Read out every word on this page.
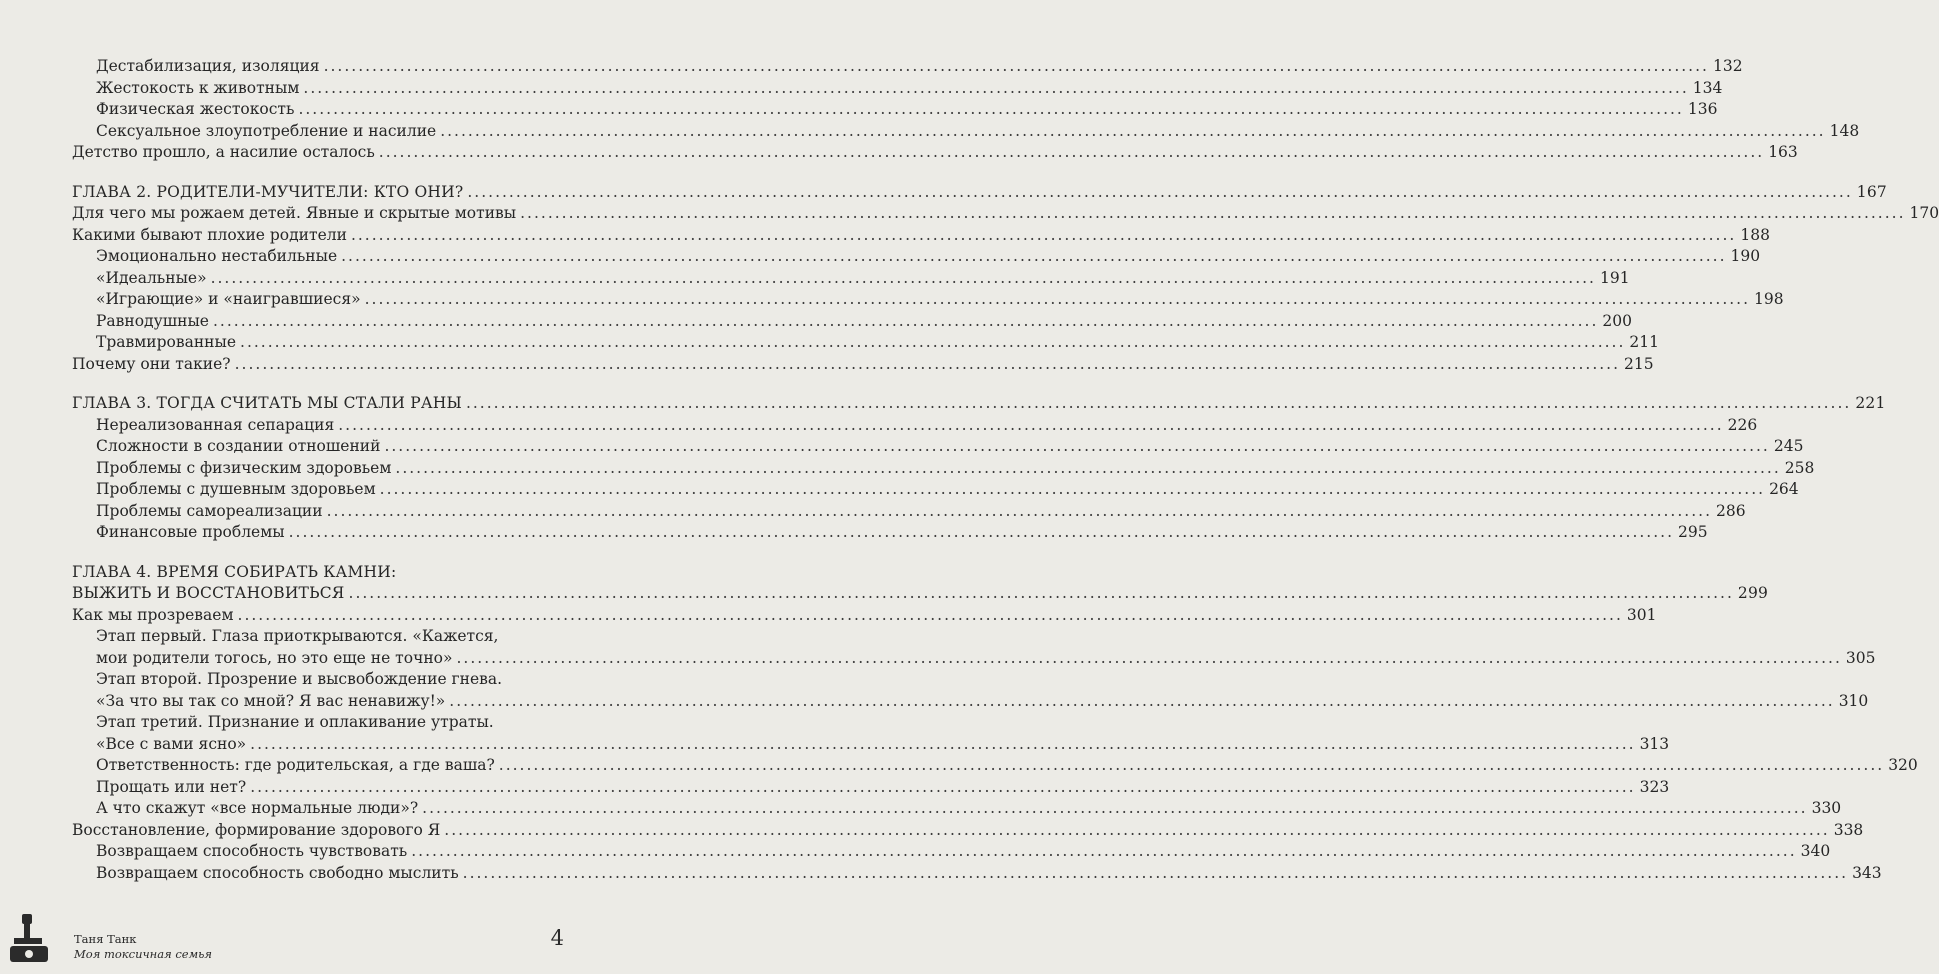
Дестабилизация, изоляция ........................................................................................................................................................................................................ 132
Жестокость к животным ........................................................................................................................................................................................................ 134
Физическая жестокость ........................................................................................................................................................................................................ 136
Сексуальное злоупотребление и насилие ........................................................................................................................................................................................................ 148
Детство прошло, а насилие осталось ........................................................................................................................................................................................................ 163
ГЛАВА 2. РОДИТЕЛИ-МУЧИТЕЛИ: КТО ОНИ? ........................................................................................................................................................................................................ 167
Для чего мы рожаем детей. Явные и скрытые мотивы ........................................................................................................................................................................................................ 170
Какими бывают плохие родители ........................................................................................................................................................................................................ 188
Эмоционально нестабильные ........................................................................................................................................................................................................ 190
«Идеальные» ........................................................................................................................................................................................................ 191
«Играющие» и «наигравшиеся» ........................................................................................................................................................................................................ 198
Равнодушные ........................................................................................................................................................................................................ 200
Травмированные ........................................................................................................................................................................................................ 211
Почему они такие? ........................................................................................................................................................................................................ 215
ГЛАВА 3. ТОГДА СЧИТАТЬ МЫ СТАЛИ РАНЫ ........................................................................................................................................................................................................ 221
Нереализованная сепарация ........................................................................................................................................................................................................ 226
Сложности в создании отношений ........................................................................................................................................................................................................ 245
Проблемы с физическим здоровьем ........................................................................................................................................................................................................ 258
Проблемы с душевным здоровьем ........................................................................................................................................................................................................ 264
Проблемы самореализации ........................................................................................................................................................................................................ 286
Финансовые проблемы ........................................................................................................................................................................................................ 295
ГЛАВА 4. ВРЕМЯ СОБИРАТЬ КАМНИ:
ВЫЖИТЬ И ВОССТАНОВИТЬСЯ ........................................................................................................................................................................................................ 299
Как мы прозреваем ........................................................................................................................................................................................................ 301
Этап первый. Глаза приоткрываются. «Кажется,
мои родители тогось, но это еще не точно» ........................................................................................................................................................................................................ 305
Этап второй. Прозрение и высвобождение гнева.
«За что вы так со мной? Я вас ненавижу!» ........................................................................................................................................................................................................ 310
Этап третий. Признание и оплакивание утраты.
«Все с вами ясно» ........................................................................................................................................................................................................ 313
Ответственность: где родительская, а где ваша? ........................................................................................................................................................................................................ 320
Прощать или нет? ........................................................................................................................................................................................................ 323
А что скажут «все нормальные люди»? ........................................................................................................................................................................................................ 330
Восстановление, формирование здорового Я ........................................................................................................................................................................................................ 338
Возвращаем способность чувствовать ........................................................................................................................................................................................................ 340
Возвращаем способность свободно мыслить ........................................................................................................................................................................................................ 343
Таня Танк
Моя токсичная семья
4
